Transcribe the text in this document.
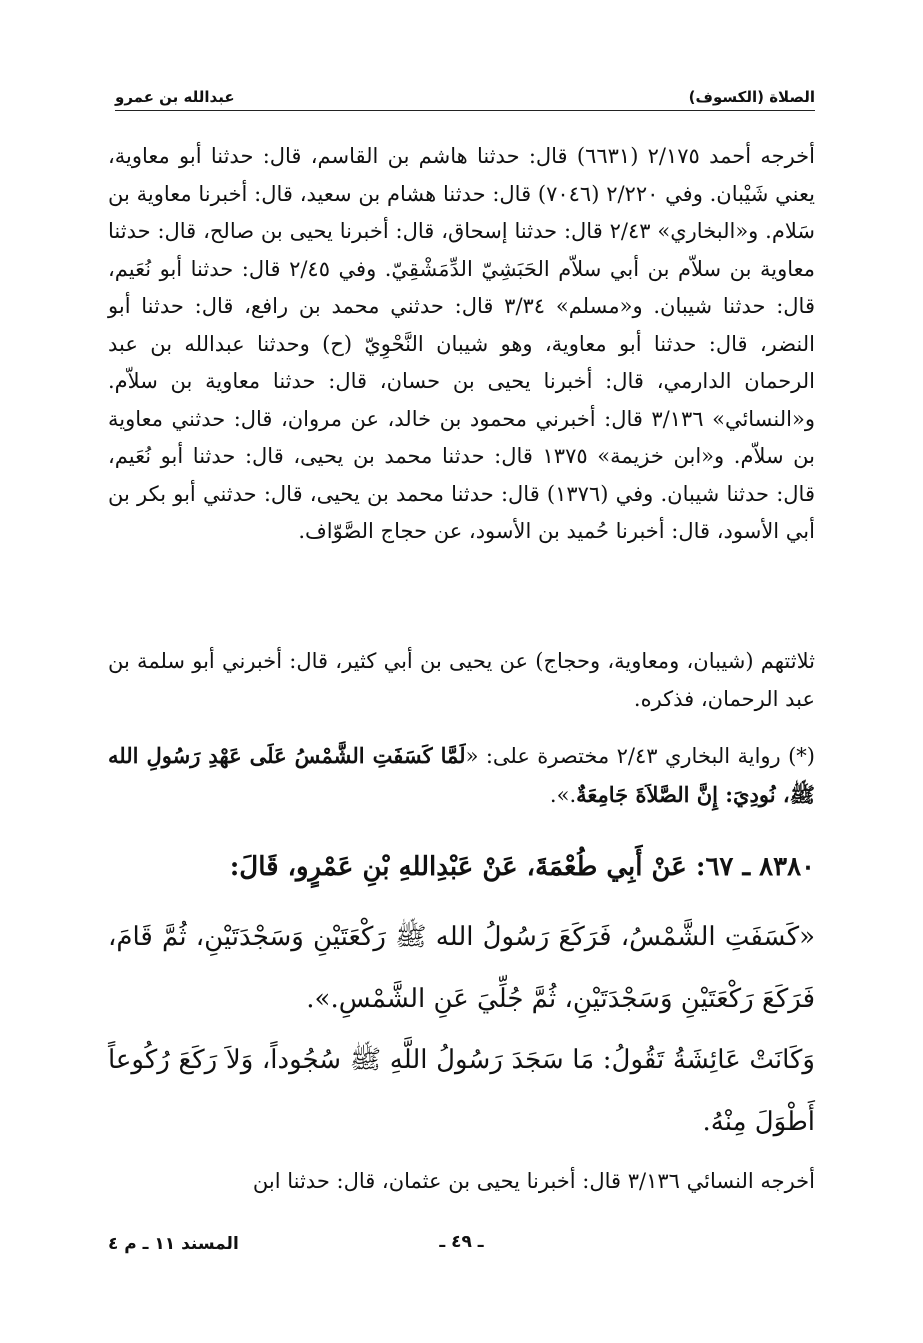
الصلاة (الكسوف)
عبدالله بن عمرو
أخرجه أحمد ٢/١٧٥ (٦٦٣١) قال: حدثنا هاشم بن القاسم، قال: حدثنا أبو معاوية، يعني شَيْبان. وفي ٢/٢٢٠ (٧٠٤٦) قال: حدثنا هشام بن سعيد، قال: أخبرنا معاوية بن سَلام. و«البخاري» ٢/٤٣ قال: حدثنا إسحاق، قال: أخبرنا يحيى بن صالح، قال: حدثنا معاوية بن سلاّم بن أبي سلاّم الحَبَشِيّ الدِّمَشْقِيّ. وفي ٢/٤٥ قال: حدثنا أبو نُعَيم، قال: حدثنا شيبان. و«مسلم» ٣/٣٤ قال: حدثني محمد بن رافع، قال: حدثنا أبو النضر، قال: حدثنا أبو معاوية، وهو شيبان النَّحْوِيّ (ح) وحدثنا عبدالله بن عبد الرحمان الدارمي، قال: أخبرنا يحيى بن حسان، قال: حدثنا معاوية بن سلاّم. و«النسائي» ٣/١٣٦ قال: أخبرني محمود بن خالد، عن مروان، قال: حدثني معاوية بن سلاّم. و«ابن خزيمة» ١٣٧٥ قال: حدثنا محمد بن يحيى، قال: حدثنا أبو نُعَيم، قال: حدثنا شيبان. وفي (١٣٧٦) قال: حدثنا محمد بن يحيى، قال: حدثني أبو بكر بن أبي الأسود، قال: أخبرنا حُميد بن الأسود، عن حجاج الصَّوّاف.
ثلاثتهم (شيبان، ومعاوية، وحجاج) عن يحيى بن أبي كثير، قال: أخبرني أبو سلمة بن عبد الرحمان، فذكره.
(*) رواية البخاري ٢/٤٣ مختصرة على: «لَمَّا كَسَفَتِ الشَّمْسُ عَلَى عَهْدِ رَسُولِ الله ﷺ، نُودِيَ: إِنَّ الصَّلاَةَ جَامِعَةٌ.».
٨٣٨٠ ـ ٦٧: عَنْ أَبِي طُعْمَةَ، عَنْ عَبْدِاللهِ بْنِ عَمْرٍو، قَالَ:
«كَسَفَتِ الشَّمْسُ، فَرَكَعَ رَسُولُ الله ﷺ رَكْعَتَيْنِ وَسَجْدَتَيْنِ، ثُمَّ قَامَ، فَرَكَعَ رَكْعَتَيْنِ وَسَجْدَتَيْنِ، ثُمَّ جُلِّيَ عَنِ الشَّمْسِ.».
وَكَانَتْ عَائِشَةُ تَقُولُ: مَا سَجَدَ رَسُولُ اللَّهِ ﷺ سُجُوداً، وَلاَ رَكَعَ رُكُوعاً أَطْوَلَ مِنْهُ.
أخرجه النسائي ٣/١٣٦ قال: أخبرنا يحيى بن عثمان، قال: حدثنا ابن
ـ ٤٩ ـ
المسند ١١ ـ م ٤
